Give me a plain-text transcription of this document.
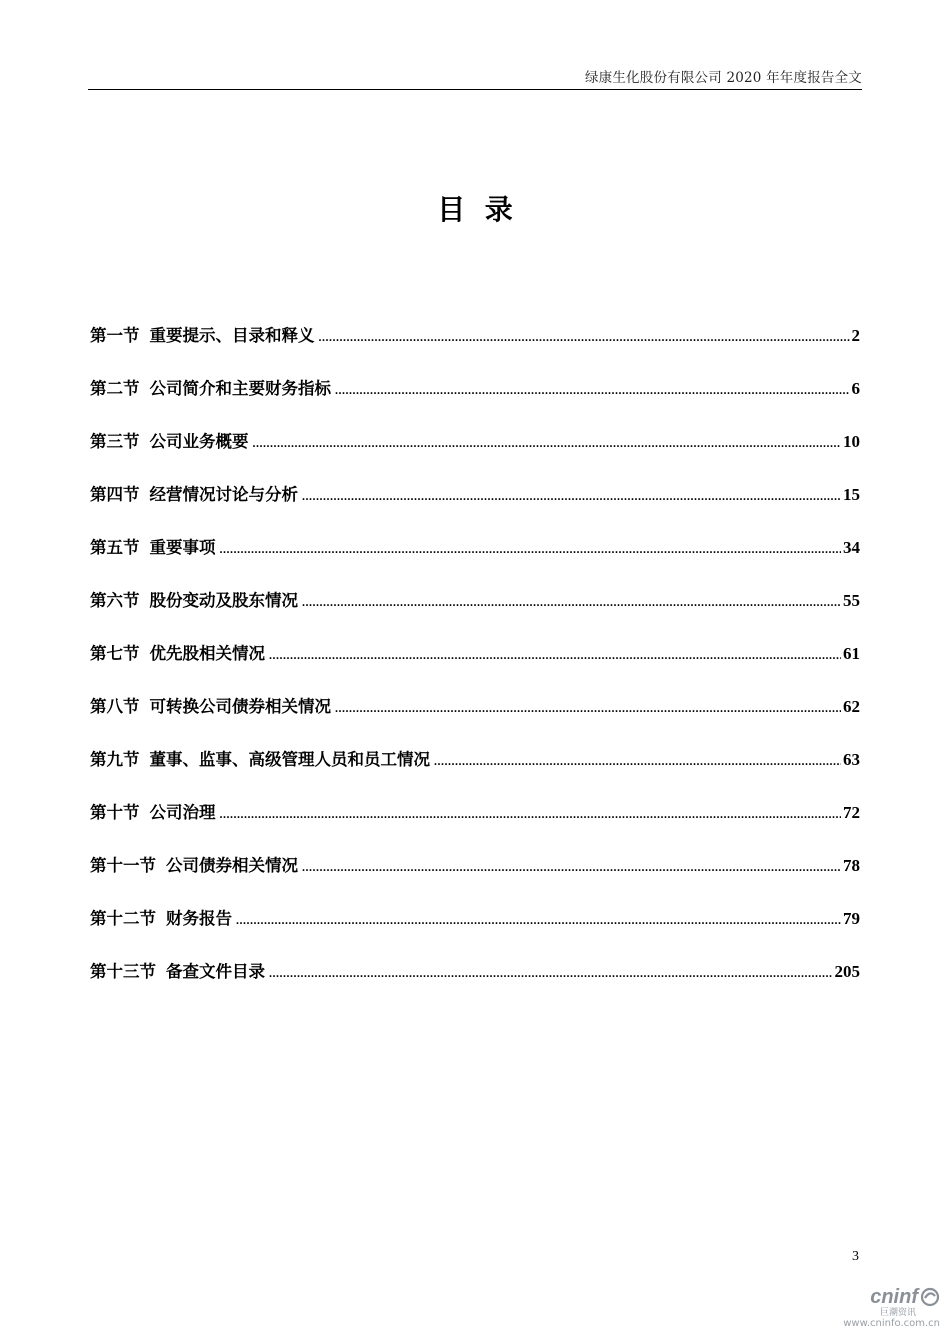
绿康生化股份有限公司 2020 年年度报告全文
目  录
第一节 重要提示、目录和释义 .....	2
第二节 公司简介和主要财务指标 .....	6
第三节 公司业务概要 .....	10
第四节 经营情况讨论与分析 .....	15
第五节 重要事项 .....	34
第六节 股份变动及股东情况 .....	55
第七节 优先股相关情况 .....	61
第八节 可转换公司债券相关情况 .....	62
第九节 董事、监事、高级管理人员和员工情况 .....	63
第十节 公司治理 .....	72
第十一节 公司债券相关情况 .....	78
第十二节 财务报告 .....	79
第十三节 备查文件目录 .....	205
3
cninf
巨潮资讯
www.cninfo.com.cn
